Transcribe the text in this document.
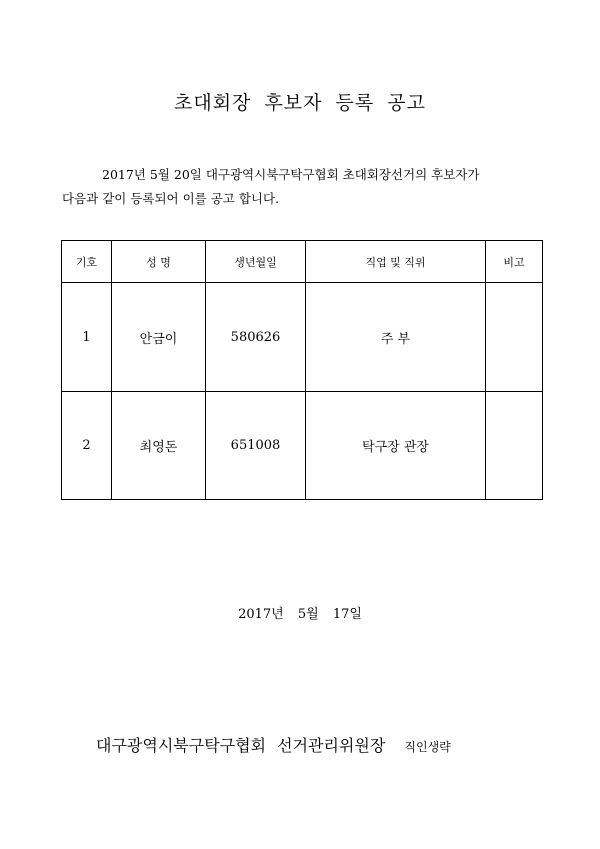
초대회장 후보자 등록 공고
2017년 5월 20일 대구광역시북구탁구협회 초대회장선거의 후보자가
다음과 같이 등록되어 이를 공고 합니다.
기호	성 명	생년월일	직업 및 직위	비고
1	안금이	580626	주 부	
2	최영돈	651008	탁구장 관장	
2017년 5월 17일
대구광역시북구탁구협회 선거관리위원장 직인생략
